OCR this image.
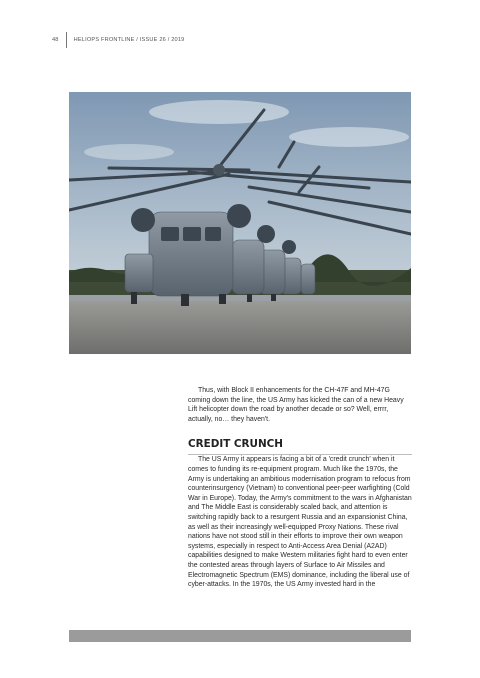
48	HELIOPS FRONTLINE / ISSUE 26 / 2019

Thus, with Block II enhancements for the CH-47F and MH-47G coming down the line, the US Army has kicked the can of a new Heavy Lift helicopter down the road by another decade or so? Well, errrr, actually, no… they haven't.

CREDIT CRUNCH

The US Army it appears is facing a bit of a 'credit crunch' when it comes to funding its re-equipment program. Much like the 1970s, the Army is undertaking an ambitious modernisation program to refocus from counterinsurgency (Vietnam) to conventional peer-peer warfighting (Cold War in Europe). Today, the Army's commitment to the wars in Afghanistan and The Middle East is considerably scaled back, and attention is switching rapidly back to a resurgent Russia and an expansionist China, as well as their increasingly well-equipped Proxy Nations. These rival nations have not stood still in their efforts to improve their own weapon systems, especially in respect to Anti-Access Area Denial (A2AD) capabilities designed to make Western militaries fight hard to even enter the contested areas through layers of Surface to Air Missiles and Electromagnetic Spectrum (EMS) dominance, including the liberal use of cyber-attacks. In the 1970s, the US Army invested hard in the
